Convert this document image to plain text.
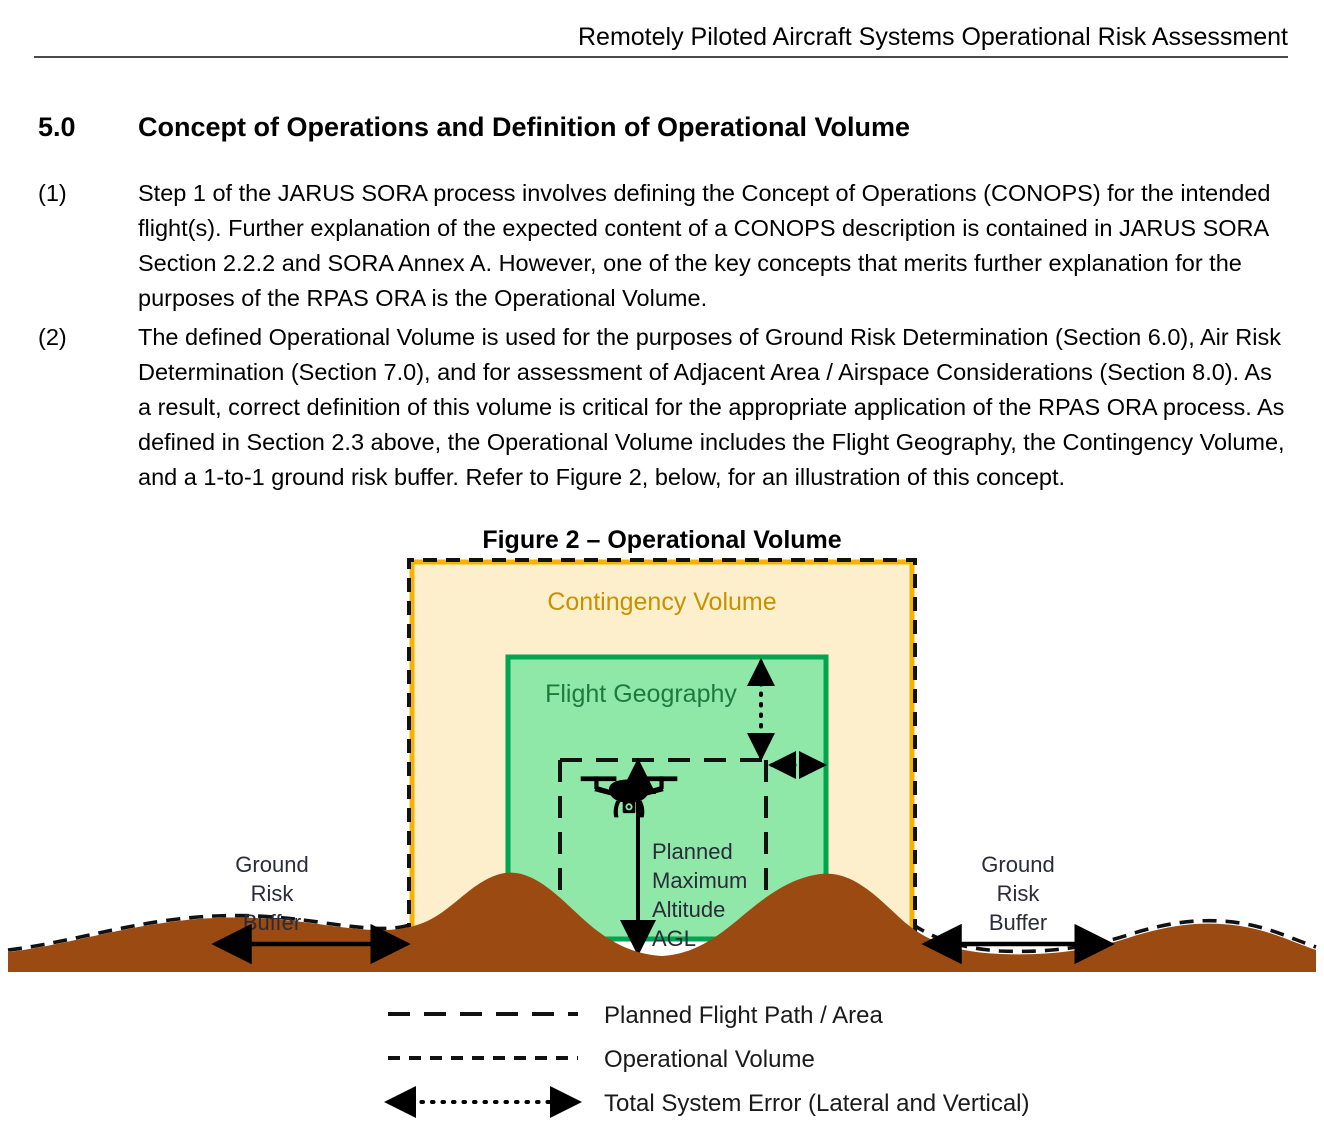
Remotely Piloted Aircraft Systems Operational Risk Assessment
5.0 Concept of Operations and Definition of Operational Volume
(1)	Step 1 of the JARUS SORA process involves defining the Concept of Operations (CONOPS) for the intended flight(s). Further explanation of the expected content of a CONOPS description is contained in JARUS SORA Section 2.2.2 and SORA Annex A. However, one of the key concepts that merits further explanation for the purposes of the RPAS ORA is the Operational Volume.
(2)	The defined Operational Volume is used for the purposes of Ground Risk Determination (Section 6.0), Air Risk Determination (Section 7.0), and for assessment of Adjacent Area / Airspace Considerations (Section 8.0). As a result, correct definition of this volume is critical for the appropriate application of the RPAS ORA process. As defined in Section 2.3 above, the Operational Volume includes the Flight Geography, the Contingency Volume, and a 1-to-1 ground risk buffer. Refer to Figure 2, below, for an illustration of this concept.
Figure 2 – Operational Volume
Contingency Volume
Flight Geography
Planned
Maximum
Altitude
AGL
Ground
Risk
Buffer
Ground
Risk
Buffer
Planned Flight Path / Area
Operational Volume
Total System Error (Lateral and Vertical)
